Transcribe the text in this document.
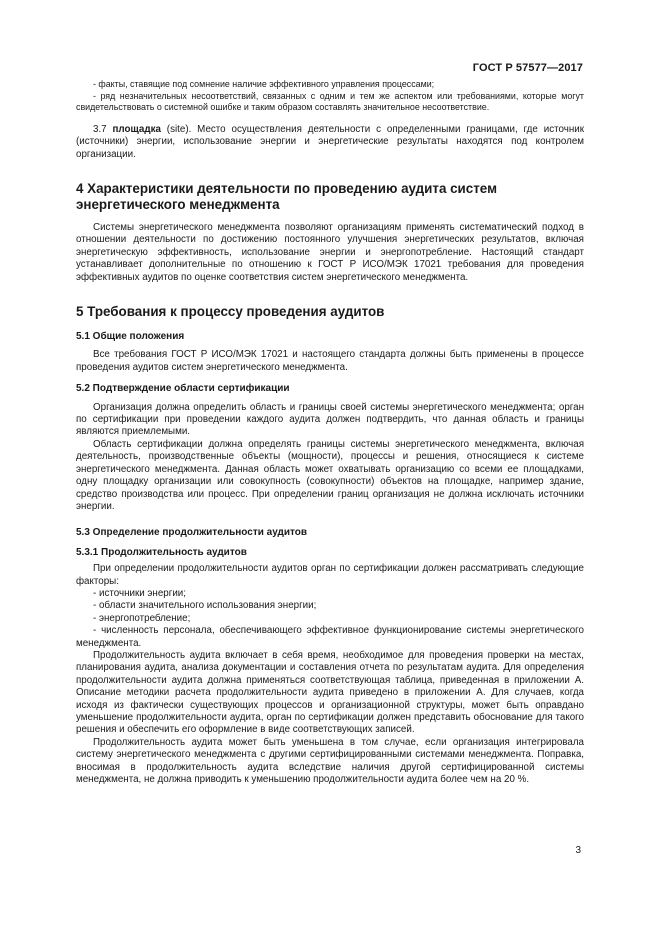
ГОСТ Р 57577—2017

- факты, ставящие под сомнение наличие эффективного управления процессами;

- ряд незначительных несоответствий, связанных с одним и тем же аспектом или требованиями, которые могут свидетельствовать о системной ошибке и таким образом составлять значительное несоответствие.

3.7 площадка (site). Место осуществления деятельности с определенными границами, где источник (источники) энергии, использование энергии и энергетические результаты находятся под контролем организации.

4 Характеристики деятельности по проведению аудита систем энергетического менеджмента

Системы энергетического менеджмента позволяют организациям применять систематический подход в отношении деятельности по достижению постоянного улучшения энергетических результатов, включая энергетическую эффективность, использование энергии и энергопотребление. Настоящий стандарт устанавливает дополнительные по отношению к ГОСТ Р ИСО/МЭК 17021 требования для проведения эффективных аудитов по оценке соответствия систем энергетического менеджмента.

5 Требования к процессу проведения аудитов
5.1 Общие положения

Все требования ГОСТ Р ИСО/МЭК 17021 и настоящего стандарта должны быть применены в процессе проведения аудитов систем энергетического менеджмента.

5.2 Подтверждение области сертификации

Организация должна определить область и границы своей системы энергетического менеджмента; орган по сертификации при проведении каждого аудита должен подтвердить, что данная область и границы являются приемлемыми.

Область сертификации должна определять границы системы энергетического менеджмента, включая деятельность, производственные объекты (мощности), процессы и решения, относящиеся к системе энергетического менеджмента. Данная область может охватывать организацию со всеми ее площадками, одну площадку организации или совокупность (совокупности) объектов на площадке, например здание, средство производства или процесс. При определении границ организация не должна исключать источники энергии.

5.3 Определение продолжительности аудитов
5.3.1 Продолжительность аудитов

При определении продолжительности аудитов орган по сертификации должен рассматривать следующие факторы:

- источники энергии;

- области значительного использования энергии;

- энергопотребление;

- численность персонала, обеспечивающего эффективное функционирование системы энергетического менеджмента.

Продолжительность аудита включает в себя время, необходимое для проведения проверки на местах, планирования аудита, анализа документации и составления отчета по результатам аудита. Для определения продолжительности аудита должна применяться соответствующая таблица, приведенная в приложении А. Описание методики расчета продолжительности аудита приведено в приложении А. Для случаев, когда исходя из фактически существующих процессов и организационной структуры, может быть оправдано уменьшение продолжительности аудита, орган по сертификации должен представить обоснование для такого решения и обеспечить его оформление в виде соответствующих записей.

Продолжительность аудита может быть уменьшена в том случае, если организация интегрировала систему энергетического менеджмента с другими сертифицированными системами менеджмента. Поправка, вносимая в продолжительность аудита вследствие наличия другой сертифицированной системы менеджмента, не должна приводить к уменьшению продолжительности аудита более чем на 20 %.

3
